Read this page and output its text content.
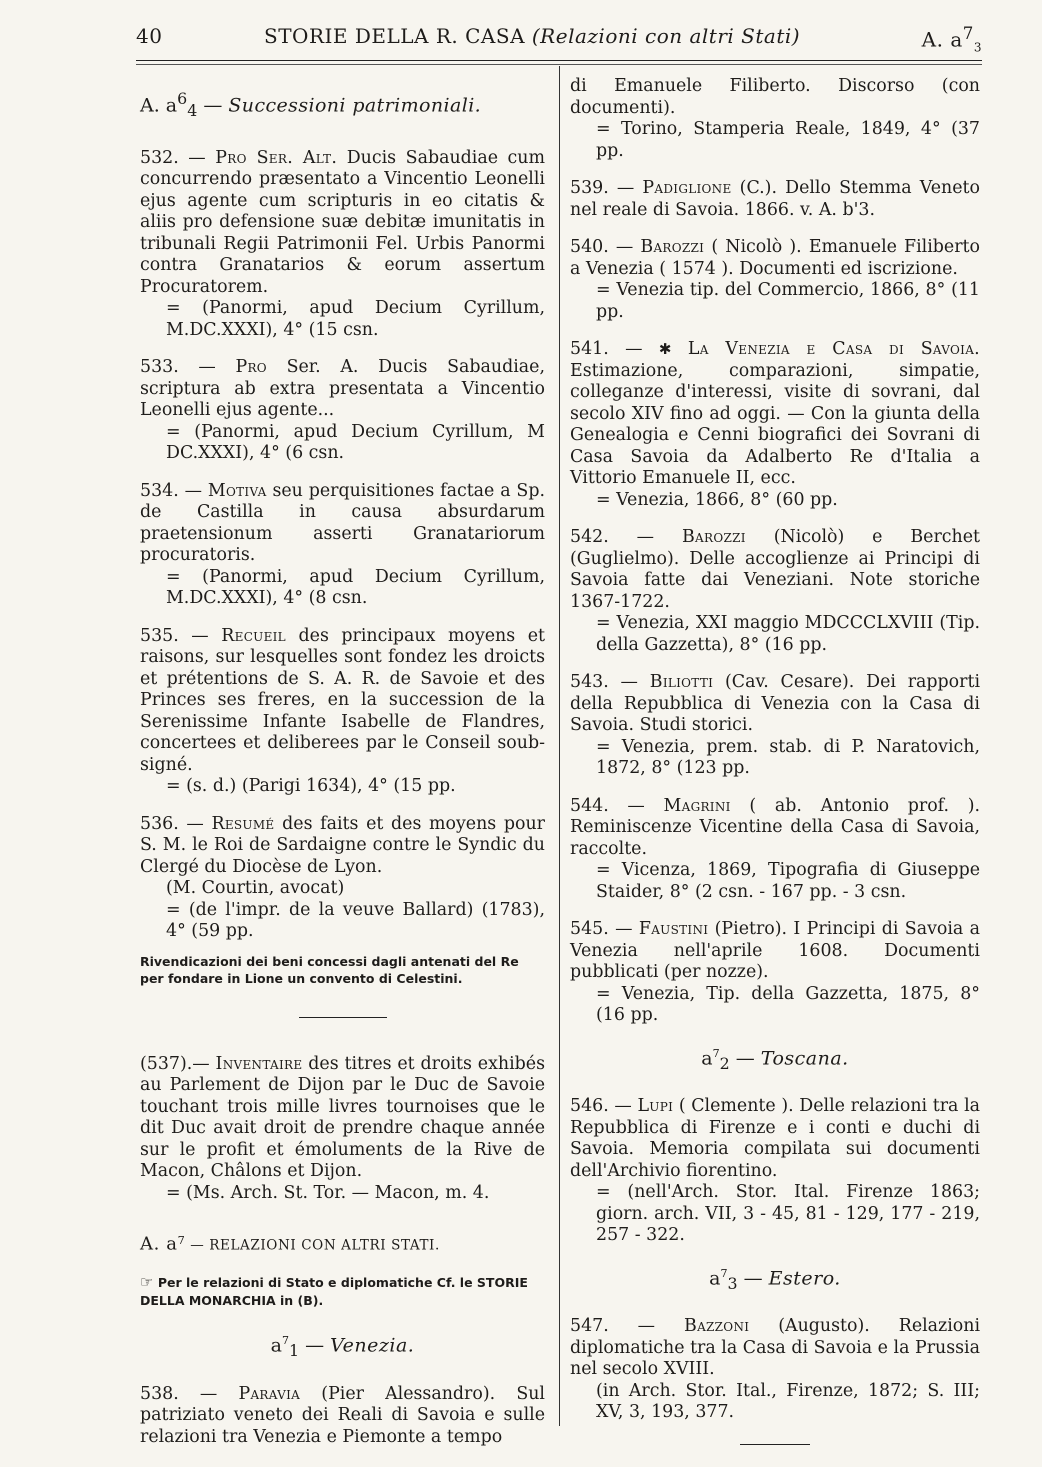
40	STORIE DELLA R. CASA (Relazioni con altri Stati)	A. $a^7_3$
A. $a^6_4$ — Successioni patrimoniali.
532. — Pro Ser. Alt. Ducis Sabaudiae cum concurrendo præsentato a Vincentio Leonelli ejus agente cum scripturis in eo citatis & aliis pro defensione suæ debitæ imunitatis in tribunali Regii Patrimonii Fel. Urbis Panormi contra Granatarios & eorum assertum Procuratorem.
= (Panormi, apud Decium Cyrillum, M.DC.XXXI), 4° (15 csn.
533. — Pro Ser. A. Ducis Sabaudiae, scriptura ab extra presentata a Vincentio Leonelli ejus agente...
= (Panormi, apud Decium Cyrillum, M DC.XXXI), 4° (6 csn.
534. — Motiva seu perquisitiones factae a Sp. de Castilla in causa absurdarum praetensionum asserti Granatariorum procuratoris.
= (Panormi, apud Decium Cyrillum, M.DC.XXXI), 4° (8 csn.
535. — Recueil des principaux moyens et raisons, sur lesquelles sont fondez les droicts et prétentions de S. A. R. de Savoie et des Princes ses freres, en la succession de la Serenissime Infante Isabelle de Flandres, concertees et deliberees par le Conseil soub-signé.
= (s. d.) (Parigi 1634), 4° (15 pp.
536. — Resumé des faits et des moyens pour S. M. le Roi de Sardaigne contre le Syndic du Clergé du Diocèse de Lyon.
(M. Courtin, avocat)
= (de l'impr. de la veuve Ballard) (1783), 4° (59 pp.
Rivendicazioni dei beni concessi dagli antenati del Re per fondare in Lione un convento di Celestini.
(537).— Inventaire des titres et droits exhibés au Parlement de Dijon par le Duc de Savoie touchant trois mille livres tournoises que le dit Duc avait droit de prendre chaque année sur le profit et émoluments de la Rive de Macon, Châlons et Dijon.
= (Ms. Arch. St. Tor. — Macon, m. 4.
A. $a^7$ — RELAZIONI CON ALTRI STATI.
☞ Per le relazioni di Stato e diplomatiche Cf. le STORIE DELLA MONARCHIA in (B).
$a^7_1$ — Venezia.
538. — Paravia (Pier Alessandro). Sul patriziato veneto dei Reali di Savoia e sulle relazioni tra Venezia e Piemonte a tempo
di Emanuele Filiberto. Discorso (con documenti).
= Torino, Stamperia Reale, 1849, 4° (37 pp.
539. — Padiglione (C.). Dello Stemma Veneto nel reale di Savoia. 1866. v. A. b'3.
540. — Barozzi ( Nicolò ). Emanuele Filiberto a Venezia ( 1574 ). Documenti ed iscrizione.
= Venezia tip. del Commercio, 1866, 8° (11 pp.
541. — ✱ La Venezia e Casa di Savoia. Estimazione, comparazioni, simpatie, colleganze d'interessi, visite di sovrani, dal secolo XIV fino ad oggi. — Con la giunta della Genealogia e Cenni biografici dei Sovrani di Casa Savoia da Adalberto Re d'Italia a Vittorio Emanuele II, ecc.
= Venezia, 1866, 8° (60 pp.
542. — Barozzi (Nicolò) e Berchet (Guglielmo). Delle accoglienze ai Principi di Savoia fatte dai Veneziani. Note storiche 1367-1722.
= Venezia, XXI maggio MDCCCLXVIII (Tip. della Gazzetta), 8° (16 pp.
543. — Biliotti (Cav. Cesare). Dei rapporti della Repubblica di Venezia con la Casa di Savoia. Studi storici.
= Venezia, prem. stab. di P. Naratovich, 1872, 8° (123 pp.
544. — Magrini ( ab. Antonio prof. ). Reminiscenze Vicentine della Casa di Savoia, raccolte.
= Vicenza, 1869, Tipografia di Giuseppe Staider, 8° (2 csn. - 167 pp. - 3 csn.
545. — Faustini (Pietro). I Principi di Savoia a Venezia nell'aprile 1608. Documenti pubblicati (per nozze).
= Venezia, Tip. della Gazzetta, 1875, 8° (16 pp.
$a^7_2$ — Toscana.
546. — Lupi ( Clemente ). Delle relazioni tra la Repubblica di Firenze e i conti e duchi di Savoia. Memoria compilata sui documenti dell'Archivio fiorentino.
= (nell'Arch. Stor. Ital. Firenze 1863; giorn. arch. VII, 3 - 45, 81 - 129, 177 - 219, 257 - 322.
$a^7_3$ — Estero.
547. — Bazzoni (Augusto). Relazioni diplomatiche tra la Casa di Savoia e la Prussia nel secolo XVIII.
(in Arch. Stor. Ital., Firenze, 1872; S. III; XV, 3, 193, 377.
